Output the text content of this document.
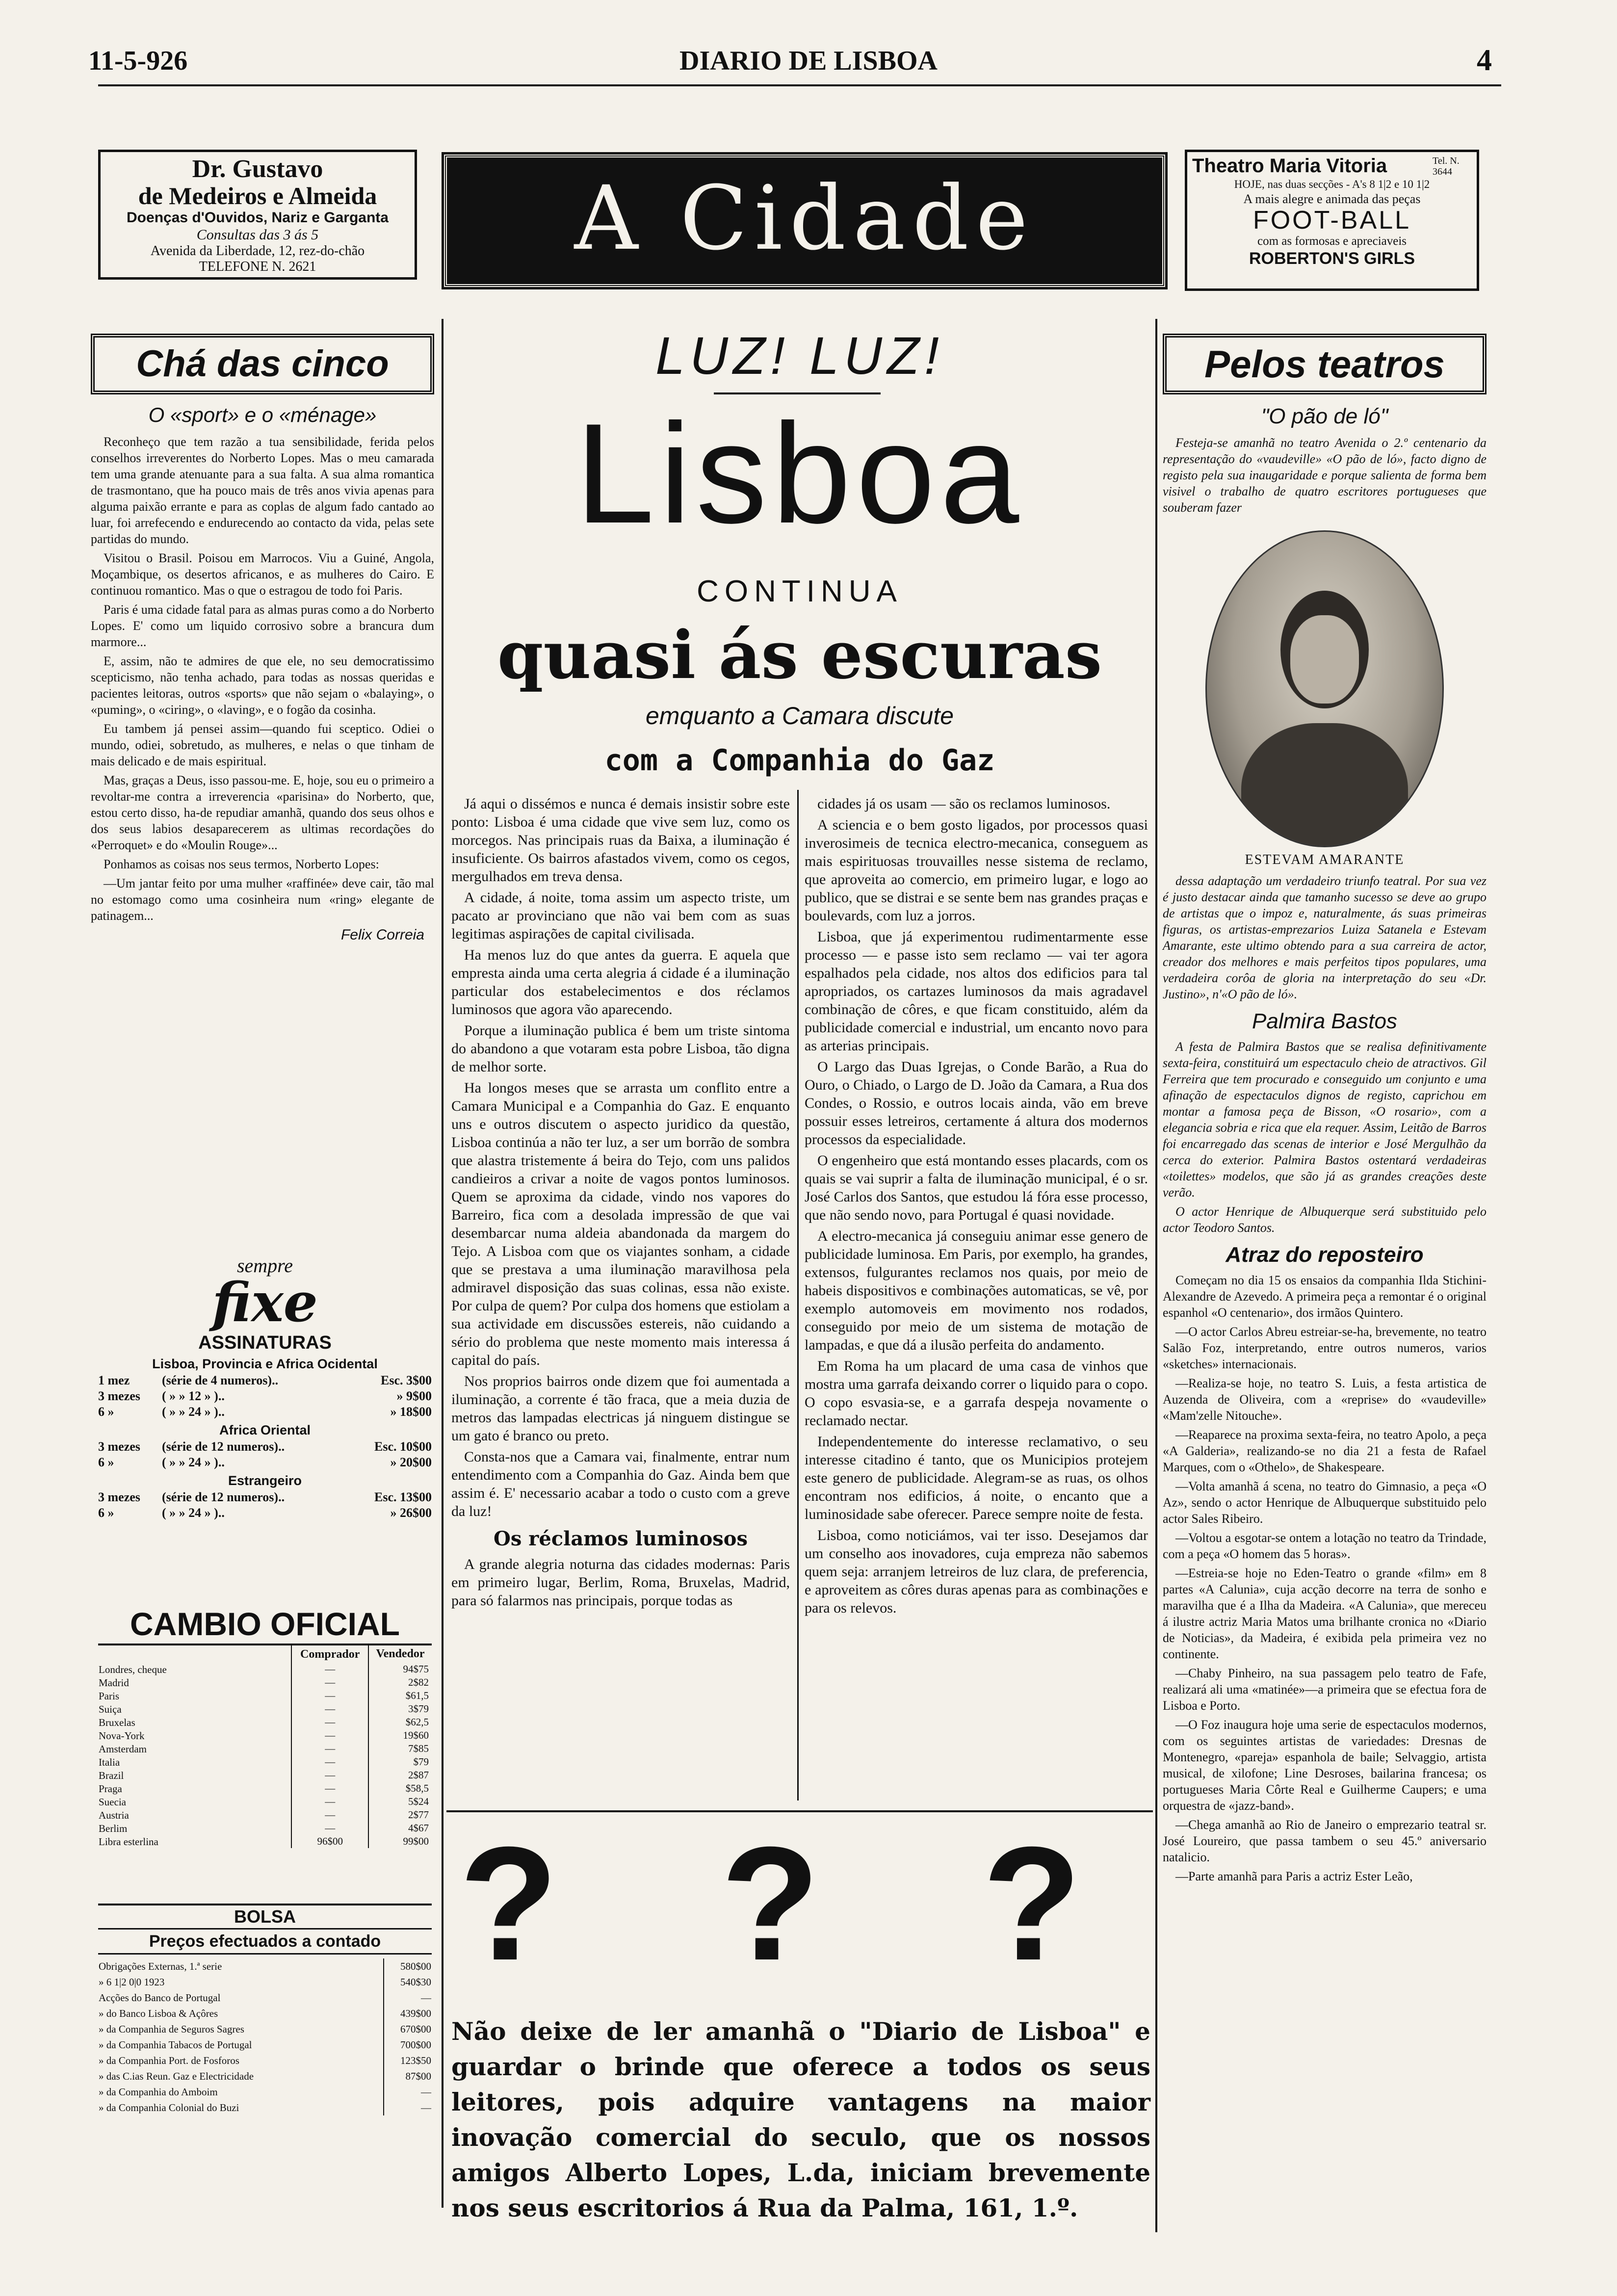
11-5-926	DIARIO DE LISBOA	4
Dr. Gustavo
de Medeiros e Almeida
Doenças d'Ouvidos, Nariz e Garganta
Consultas das 3 ás 5
Avenida da Liberdade, 12, rez-do-chão
TELEFONE N. 2621	A Cidade
Theatro Maria Vitoria	Tel. N. 3644
HOJE, nas duas secções - A's 8 1|2 e 10 1|2
A mais alegre e animada das peças
FOOT-BALL
com as formosas e apreciaveis
ROBERTON'S GIRLS
Chá das cinco
O «sport» e o «ménage»

Reconheço que tem razão a tua sensibilidade, ferida pelos conselhos irreverentes do Norberto Lopes. Mas o meu camarada tem uma grande atenuante para a sua falta. A sua alma romantica de trasmontano, que ha pouco mais de três anos vivia apenas para alguma paixão errante e para as coplas de algum fado cantado ao luar, foi arrefecendo e endurecendo ao contacto da vida, pelas sete partidas do mundo.

Visitou o Brasil. Poisou em Marrocos. Viu a Guiné, Angola, Moçambique, os desertos africanos, e as mulheres do Cairo. E continuou romantico. Mas o que o estragou de todo foi Paris.

Paris é uma cidade fatal para as almas puras como a do Norberto Lopes. E' como um liquido corrosivo sobre a brancura dum marmore...

E, assim, não te admires de que ele, no seu democratissimo scepticismo, não tenha achado, para todas as nossas queridas e pacientes leitoras, outros «sports» que não sejam o «balaying», o «puming», o «ciring», o «laving», e o fogão da cosinha.

Eu tambem já pensei assim—quando fui sceptico. Odiei o mundo, odiei, sobretudo, as mulheres, e nelas o que tinham de mais delicado e de mais espiritual.

Mas, graças a Deus, isso passou-me. E, hoje, sou eu o primeiro a revoltar-me contra a irreverencia «parisina» do Norberto, que, estou certo disso, ha-de repudiar amanhã, quando dos seus olhos e dos seus labios desaparecerem as ultimas recordações do «Perroquet» e do «Moulin Rouge»...

Ponhamos as coisas nos seus termos, Norberto Lopes:

—Um jantar feito por uma mulher «raffinée» deve cair, tão mal no estomago como uma cosinheira num «ring» elegante de patinagem...

Felix Correia
sempre
fixe
ASSINATURAS
Lisboa, Provincia e Africa Ocidental
1 mez	(série de 4 numeros)..	Esc. 3$00
3 mezes	( » » 12 » )..	» 9$00
6 »	( » » 24 » )..	» 18$00
Africa Oriental
3 mezes	(série de 12 numeros)..	Esc. 10$00
6 »	( » » 24 » )..	» 20$00
Estrangeiro
3 mezes	(série de 12 numeros)..	Esc. 13$00
6 »	( » » 24 » )..	» 26$00
CAMBIO OFICIAL
	Comprador	Vendedor
Londres, cheque	—	94$75
Madrid	—	2$82
Paris	—	$61,5
Suiça	—	3$79
Bruxelas	—	$62,5
Nova-York	—	19$60
Amsterdam	—	7$85
Italia	—	$79
Brazil	—	2$87
Praga	—	$58,5
Suecia	—	5$24
Austria	—	2$77
Berlim	—	4$67
Libra esterlina	96$00	99$00
BOLSA
Preços efectuados a contado
Obrigações Externas, 1.ª serie	580$00
» 6 1|2 0|0 1923	540$30
Acções do Banco de Portugal	—
» do Banco Lisboa & Açôres	439$00
» da Companhia de Seguros Sagres	670$00
» da Companhia Tabacos de Portugal	700$00
» da Companhia Port. de Fosforos	123$50
» das C.ias Reun. Gaz e Electricidade	87$00
» da Companhia do Amboim	—
» da Companhia Colonial do Buzi	—
LUZ! LUZ!
Lisboa
CONTINUA
quasi ás escuras
emquanto a Camara discute
com a Companhia do Gaz

Já aqui o dissémos e nunca é demais insistir sobre este ponto: Lisboa é uma cidade que vive sem luz, como os morcegos. Nas principais ruas da Baixa, a iluminação é insuficiente. Os bairros afastados vivem, como os cegos, mergulhados em treva densa.

A cidade, á noite, toma assim um aspecto triste, um pacato ar provinciano que não vai bem com as suas legitimas aspirações de capital civilisada.

Ha menos luz do que antes da guerra. E aquela que empresta ainda uma certa alegria á cidade é a iluminação particular dos estabelecimentos e dos réclamos luminosos que agora vão aparecendo.

Porque a iluminação publica é bem um triste sintoma do abandono a que votaram esta pobre Lisboa, tão digna de melhor sorte.

Ha longos meses que se arrasta um conflito entre a Camara Municipal e a Companhia do Gaz. E enquanto uns e outros discutem o aspecto juridico da questão, Lisboa continúa a não ter luz, a ser um borrão de sombra que alastra tristemente á beira do Tejo, com uns palidos candieiros a crivar a noite de vagos pontos luminosos. Quem se aproxima da cidade, vindo nos vapores do Barreiro, fica com a desolada impressão de que vai desembarcar numa aldeia abandonada da margem do Tejo. A Lisboa com que os viajantes sonham, a cidade que se prestava a uma iluminação maravilhosa pela admiravel disposição das suas colinas, essa não existe. Por culpa de quem? Por culpa dos homens que estiolam a sua actividade em discussões estereis, não cuidando a sério do problema que neste momento mais interessa á capital do país.

Nos proprios bairros onde dizem que foi aumentada a iluminação, a corrente é tão fraca, que a meia duzia de metros das lampadas electricas já ninguem distingue se um gato é branco ou preto.

Consta-nos que a Camara vai, finalmente, entrar num entendimento com a Companhia do Gaz. Ainda bem que assim é. E' necessario acabar a todo o custo com a greve da luz!

Os réclamos luminosos

A grande alegria noturna das cidades modernas: Paris em primeiro lugar, Berlim, Roma, Bruxelas, Madrid, para só falarmos nas principais, porque todas as

cidades já os usam — são os reclamos luminosos.

A sciencia e o bem gosto ligados, por processos quasi inverosimeis de tecnica electro-mecanica, conseguem as mais espirituosas trouvailles nesse sistema de reclamo, que aproveita ao comercio, em primeiro lugar, e logo ao publico, que se distrai e se sente bem nas grandes praças e boulevards, com luz a jorros.

Lisboa, que já experimentou rudimentarmente esse processo — e passe isto sem reclamo — vai ter agora espalhados pela cidade, nos altos dos edificios para tal apropriados, os cartazes luminosos da mais agradavel combinação de côres, e que ficam constituido, além da publicidade comercial e industrial, um encanto novo para as arterias principais.

O Largo das Duas Igrejas, o Conde Barão, a Rua do Ouro, o Chiado, o Largo de D. João da Camara, a Rua dos Condes, o Rossio, e outros locais ainda, vão em breve possuir esses letreiros, certamente á altura dos modernos processos da especialidade.

O engenheiro que está montando esses placards, com os quais se vai suprir a falta de iluminação municipal, é o sr. José Carlos dos Santos, que estudou lá fóra esse processo, que não sendo novo, para Portugal é quasi novidade.

A electro-mecanica já conseguiu animar esse genero de publicidade luminosa. Em Paris, por exemplo, ha grandes, extensos, fulgurantes reclamos nos quais, por meio de habeis dispositivos e combinações automaticas, se vê, por exemplo automoveis em movimento nos rodados, conseguido por meio de um sistema de motação de lampadas, e que dá a ilusão perfeita do andamento.

Em Roma ha um placard de uma casa de vinhos que mostra uma garrafa deixando correr o liquido para o copo. O copo esvasia-se, e a garrafa despeja novamente o reclamado nectar.

Independentemente do interesse reclamativo, o seu interesse citadino é tanto, que os Municipios protejem este genero de publicidade. Alegram-se as ruas, os olhos encontram nos edificios, á noite, o encanto que a luminosidade sabe oferecer. Parece sempre noite de festa.

Lisboa, como noticiámos, vai ter isso. Desejamos dar um conselho aos inovadores, cuja empreza não sabemos quem seja: arranjem letreiros de luz clara, de preferencia, e aproveitem as côres duras apenas para as combinações e para os relevos.

? ? ?
Não deixe de ler amanhã o "Diario de Lisboa" e guardar o brinde que oferece a todos os seus leitores, pois adquire vantagens na maior inovação comercial do seculo, que os nossos amigos Alberto Lopes, L.da, iniciam brevemente nos seus escritorios á Rua da Palma, 161, 1.º.
Pelos teatros
"O pão de ló"

Festeja-se amanhã no teatro Avenida o 2.º centenario da representação do «vaudeville» «O pão de ló», facto digno de registo pela sua inaugaridade e porque salienta de forma bem visivel o trabalho de quatro escritores portugueses que souberam fazer

ESTEVAM AMARANTE

dessa adaptação um verdadeiro triunfo teatral. Por sua vez é justo destacar ainda que tamanho sucesso se deve ao grupo de artistas que o impoz e, naturalmente, ás suas primeiras figuras, os artistas-emprezarios Luiza Satanela e Estevam Amarante, este ultimo obtendo para a sua carreira de actor, creador dos melhores e mais perfeitos tipos populares, uma verdadeira corôa de gloria na interpretação do seu «Dr. Justino», n'«O pão de ló».

Palmira Bastos

A festa de Palmira Bastos que se realisa definitivamente sexta-feira, constituirá um espectaculo cheio de atractivos. Gil Ferreira que tem procurado e conseguido um conjunto e uma afinação de espectaculos dignos de registo, caprichou em montar a famosa peça de Bisson, «O rosario», com a elegancia sobria e rica que ela requer. Assim, Leitão de Barros foi encarregado das scenas de interior e José Mergulhão da cerca do exterior. Palmira Bastos ostentará verdadeiras «toilettes» modelos, que são já as grandes creações deste verão.

O actor Henrique de Albuquerque será substituido pelo actor Teodoro Santos.

Atraz do reposteiro

Começam no dia 15 os ensaios da companhia Ilda Stichini-Alexandre de Azevedo. A primeira peça a remontar é o original espanhol «O centenario», dos irmãos Quintero.

—O actor Carlos Abreu estreiar-se-ha, brevemente, no teatro Salão Foz, interpretando, entre outros numeros, varios «sketches» internacionais.

—Realiza-se hoje, no teatro S. Luis, a festa artistica de Auzenda de Oliveira, com a «reprise» do «vaudeville» «Mam'zelle Nitouche».

—Reaparece na proxima sexta-feira, no teatro Apolo, a peça «A Galderia», realizando-se no dia 21 a festa de Rafael Marques, com o «Othelo», de Shakespeare.

—Volta amanhã á scena, no teatro do Gimnasio, a peça «O Az», sendo o actor Henrique de Albuquerque substituido pelo actor Sales Ribeiro.

—Voltou a esgotar-se ontem a lotação no teatro da Trindade, com a peça «O homem das 5 horas».

—Estreia-se hoje no Eden-Teatro o grande «film» em 8 partes «A Calunia», cuja acção decorre na terra de sonho e maravilha que é a Ilha da Madeira. «A Calunia», que mereceu á ilustre actriz Maria Matos uma brilhante cronica no «Diario de Noticias», da Madeira, é exibida pela primeira vez no continente.

—Chaby Pinheiro, na sua passagem pelo teatro de Fafe, realizará ali uma «matinée»—a primeira que se efectua fora de Lisboa e Porto.

—O Foz inaugura hoje uma serie de espectaculos modernos, com os seguintes artistas de variedades: Dresnas de Montenegro, «pareja» espanhola de baile; Selvaggio, artista musical, de xilofone; Line Desroses, bailarina francesa; os portugueses Maria Côrte Real e Guilherme Caupers; e uma orquestra de «jazz-band».

—Chega amanhã ao Rio de Janeiro o emprezario teatral sr. José Loureiro, que passa tambem o seu 45.º aniversario natalicio.

—Parte amanhã para Paris a actriz Ester Leão,
